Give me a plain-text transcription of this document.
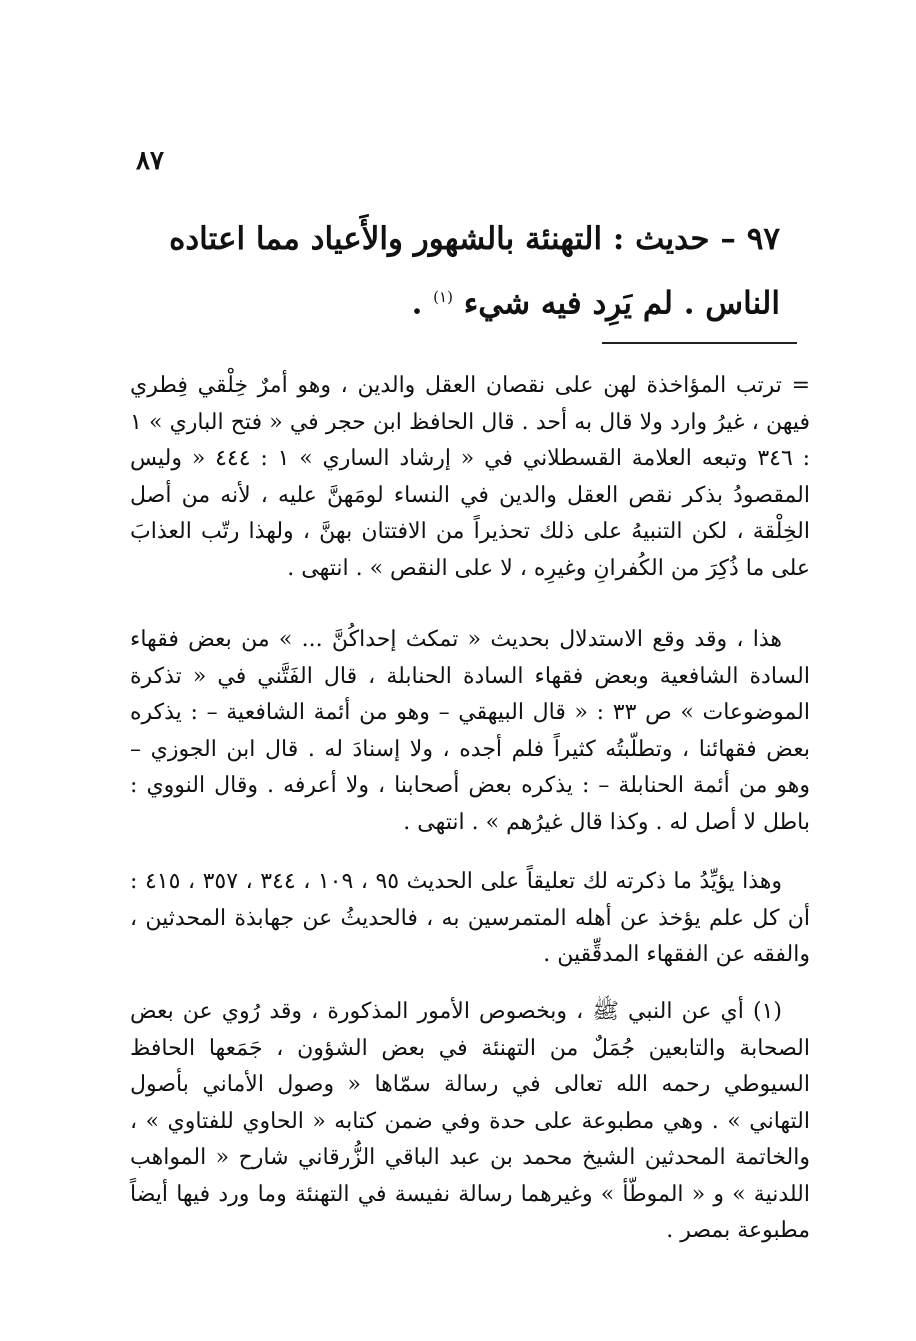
٨٧
٩٧ – حديث : التهنئة بالشهور والأَعياد مما اعتاده
الناس . لم يَرِد فيه شيء $^{(١)}$ .

= ترتب المؤاخذة لهن على نقصان العقل والدين ، وهو أمرٌ خِلْقي فِطري فيهن ، غيرُ وارد ولا قال به أحد . قال الحافظ ابن حجر في « فتح الباري » ١ : ٣٤٦ وتبعه العلامة القسطلاني في « إرشاد الساري » ١ : ٤٤٤ « وليس المقصودُ بذكر نقص العقل والدين في النساء لومَهنَّ عليه ، لأنه من أصل الخِلْقة ، لكن التنبيهُ على ذلك تحذيراً من الافتتان بهنَّ ، ولهذا رتّب العذابَ على ما ذُكِرَ من الكُفرانِ وغيرِه ، لا على النقص » . انتهى .

هذا ، وقد وقع الاستدلال بحديث « تمكث إحداكُنَّ ... » من بعض فقهاء السادة الشافعية وبعض فقهاء السادة الحنابلة ، قال الفَتَّني في « تذكرة الموضوعات » ص ٣٣ : « قال البيهقي – وهو من أئمة الشافعية – : يذكره بعض فقهائنا ، وتطلّبتُه كثيراً فلم أجده ، ولا إسنادَ له . قال ابن الجوزي – وهو من أئمة الحنابلة – : يذكره بعض أصحابنا ، ولا أعرفه . وقال النووي : باطل لا أصل له . وكذا قال غيرُهم » . انتهى .

وهذا يؤيِّدُ ما ذكرته لك تعليقاً على الحديث ٩٥ ، ١٠٩ ، ٣٤٤ ، ٣٥٧ ، ٤١٥ : أن كل علم يؤخذ عن أهله المتمرسين به ، فالحديثُ عن جهابذة المحدثين ، والفقه عن الفقهاء المدقِّقين .

(١) أي عن النبي ﷺ ، وبخصوص الأمور المذكورة ، وقد رُوي عن بعض الصحابة والتابعين جُمَلٌ من التهنئة في بعض الشؤون ، جَمَعها الحافظ السيوطي رحمه الله تعالى في رسالة سمّاها « وصول الأماني بأصول التهاني » . وهي مطبوعة على حدة وفي ضمن كتابه « الحاوي للفتاوي » ، والخاتمة المحدثين الشيخ محمد بن عبد الباقي الزُّرقاني شارح « المواهب اللدنية » و « الموطّأ » وغيرهما رسالة نفيسة في التهنئة وما ورد فيها أيضاً مطبوعة بمصر .
